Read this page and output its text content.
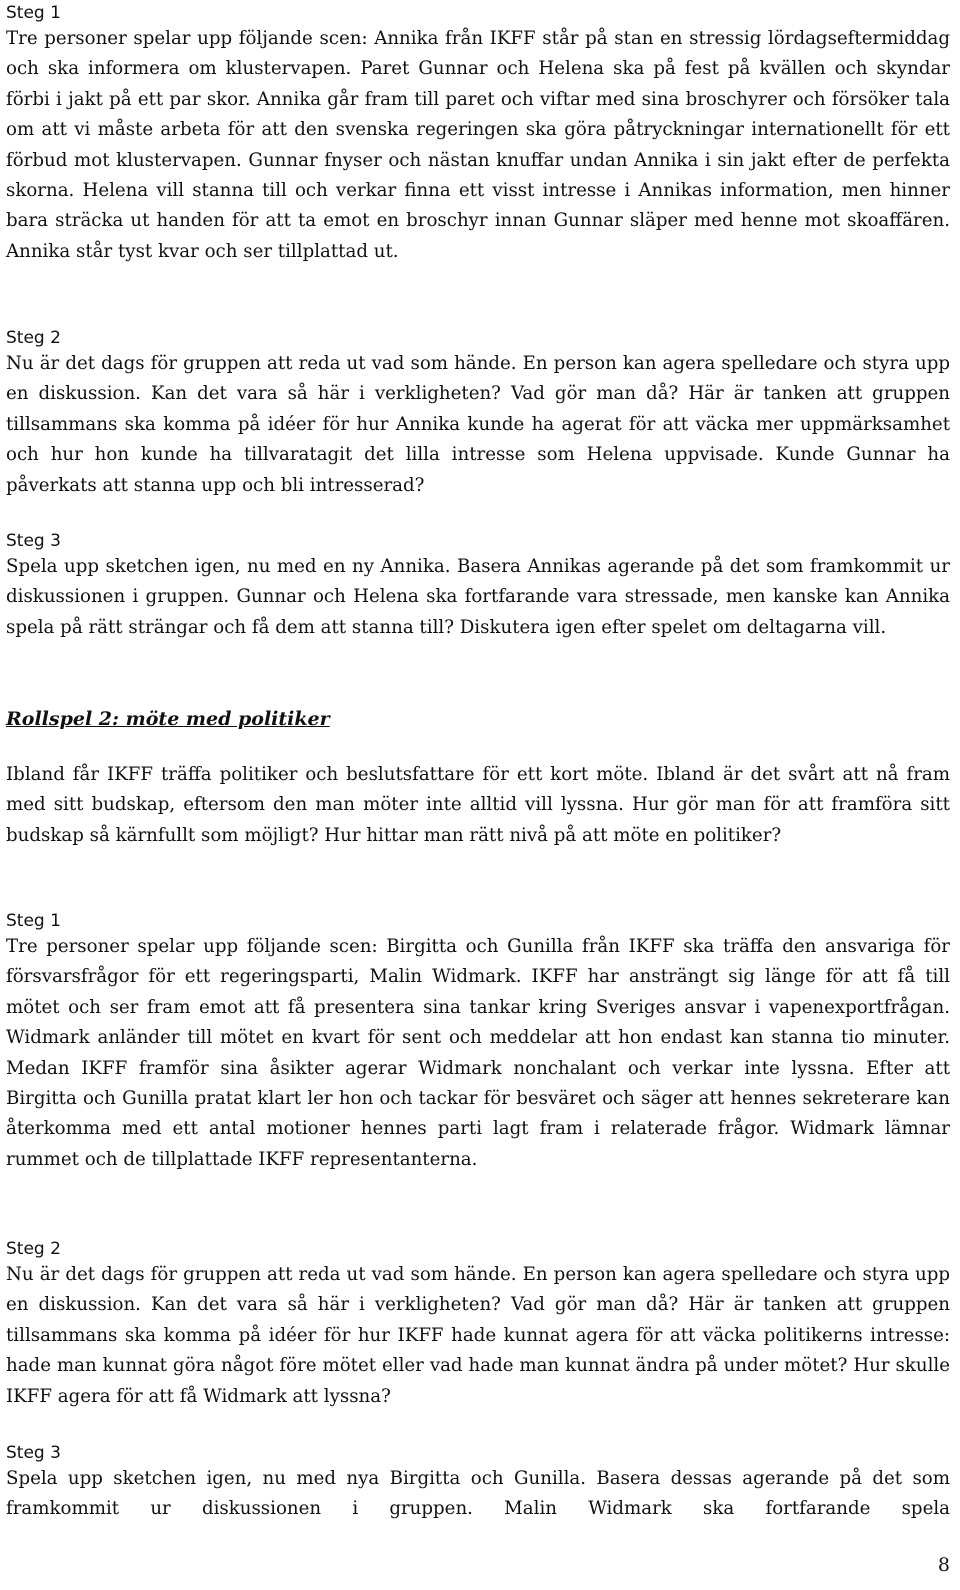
Steg 1

Tre personer spelar upp följande scen: Annika från IKFF står på stan en stressig lördagseftermiddag och ska informera om klustervapen. Paret Gunnar och Helena ska på fest på kvällen och skyndar förbi i jakt på ett par skor. Annika går fram till paret och viftar med sina broschyrer och försöker tala om att vi måste arbeta för att den svenska regeringen ska göra påtryckningar internationellt för ett förbud mot klustervapen. Gunnar fnyser och nästan knuffar undan Annika i sin jakt efter de perfekta skorna. Helena vill stanna till och verkar finna ett visst intresse i Annikas information, men hinner bara sträcka ut handen för att ta emot en broschyr innan Gunnar släper med henne mot skoaffären. Annika står tyst kvar och ser tillplattad ut.

Steg 2

Nu är det dags för gruppen att reda ut vad som hände. En person kan agera spelledare och styra upp en diskussion. Kan det vara så här i verkligheten? Vad gör man då? Här är tanken att gruppen tillsammans ska komma på idéer för hur Annika kunde ha agerat för att väcka mer uppmärksamhet och hur hon kunde ha tillvaratagit det lilla intresse som Helena uppvisade. Kunde Gunnar ha påverkats att stanna upp och bli intresserad?

Steg 3

Spela upp sketchen igen, nu med en ny Annika. Basera Annikas agerande på det som framkommit ur diskussionen i gruppen. Gunnar och Helena ska fortfarande vara stressade, men kanske kan Annika spela på rätt strängar och få dem att stanna till? Diskutera igen efter spelet om deltagarna vill.

Rollspel 2: möte med politiker

Ibland får IKFF träffa politiker och beslutsfattare för ett kort möte. Ibland är det svårt att nå fram med sitt budskap, eftersom den man möter inte alltid vill lyssna. Hur gör man för att framföra sitt budskap så kärnfullt som möjligt? Hur hittar man rätt nivå på att möte en politiker?

Steg 1

Tre personer spelar upp följande scen: Birgitta och Gunilla från IKFF ska träffa den ansvariga för försvarsfrågor för ett regeringsparti, Malin Widmark. IKFF har ansträngt sig länge för att få till mötet och ser fram emot att få presentera sina tankar kring Sveriges ansvar i vapenexportfrågan. Widmark anländer till mötet en kvart för sent och meddelar att hon endast kan stanna tio minuter. Medan IKFF framför sina åsikter agerar Widmark nonchalant och verkar inte lyssna. Efter att Birgitta och Gunilla pratat klart ler hon och tackar för besväret och säger att hennes sekreterare kan återkomma med ett antal motioner hennes parti lagt fram i relaterade frågor. Widmark lämnar rummet och de tillplattade IKFF representanterna.

Steg 2

Nu är det dags för gruppen att reda ut vad som hände. En person kan agera spelledare och styra upp en diskussion. Kan det vara så här i verkligheten? Vad gör man då? Här är tanken att gruppen tillsammans ska komma på idéer för hur IKFF hade kunnat agera för att väcka politikerns intresse: hade man kunnat göra något före mötet eller vad hade man kunnat ändra på under mötet? Hur skulle IKFF agera för att få Widmark att lyssna?

Steg 3

Spela upp sketchen igen, nu med nya Birgitta och Gunilla. Basera dessas agerande på det som framkommit ur diskussionen i gruppen. Malin Widmark ska fortfarande spela

8
